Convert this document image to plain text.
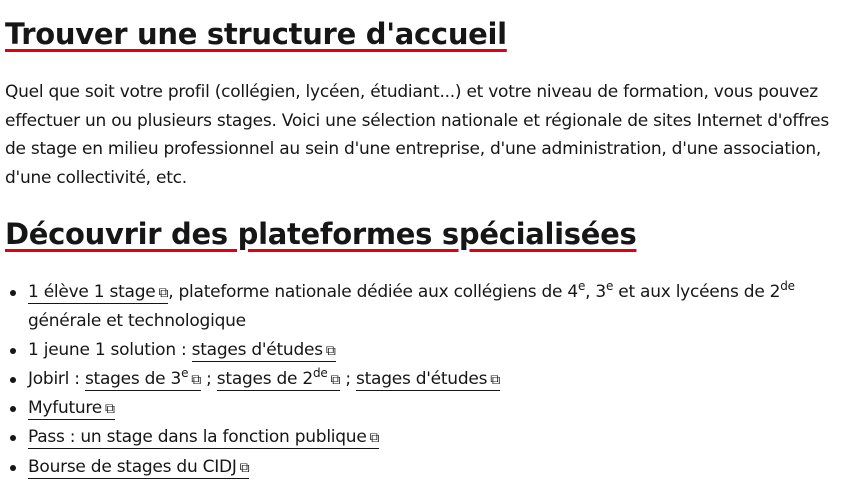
Trouver une structure d'accueil

Quel que soit votre profil (collégien, lycéen, étudiant...) et votre niveau de formation, vous pouvez effectuer un ou plusieurs stages. Voici une sélection nationale et régionale de sites Internet d'offres de stage en milieu professionnel au sein d'une entreprise, d'une administration, d'une association, d'une collectivité, etc.

Découvrir des plateformes spécialisées
1 élève 1 stage ⧉, plateforme nationale dédiée aux collégiens de 4e, 3e et aux lycéens de 2de
générale et technologique
1 jeune 1 solution : stages d'études ⧉
Jobirl : stages de 3e ⧉ ; stages de 2de ⧉ ; stages d'études ⧉
Myfuture ⧉
Pass : un stage dans la fonction publique ⧉
Bourse de stages du CIDJ ⧉
